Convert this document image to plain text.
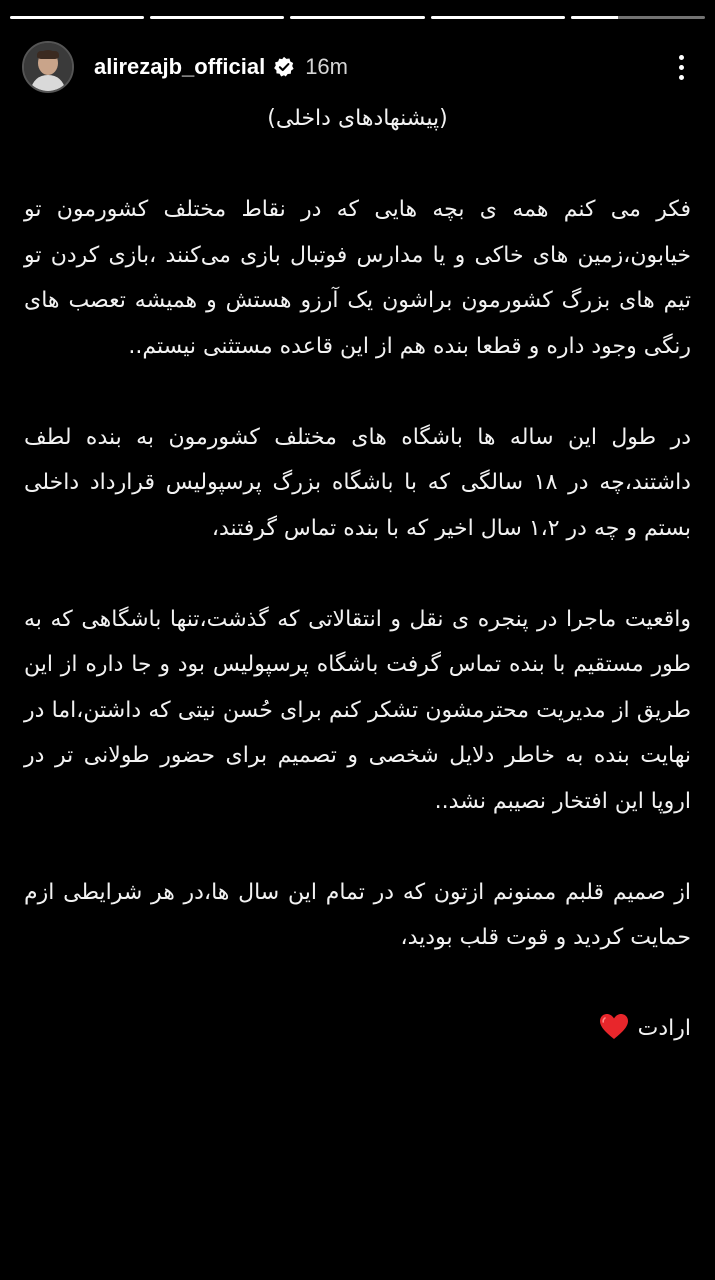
alirezajb_official 16m

(پیشنهادهای داخلی)

فکر می کنم همه ی بچه هایی که در نقاط مختلف کشورمون تو خیابون،زمین های خاکی و یا مدارس فوتبال بازی می‌کنند ،بازی کردن تو تیم های بزرگ کشورمون براشون یک آرزو هستش و همیشه تعصب های رنگی وجود داره و قطعا بنده هم از این قاعده مستثنی نیستم..

در طول این ساله ها باشگاه های مختلف کشورمون به بنده لطف داشتند،چه در ۱۸ سالگی که با باشگاه بزرگ پرسپولیس قرارداد داخلی بستم و چه در ۱،۲ سال اخیر که با بنده تماس گرفتند،

واقعیت ماجرا در پنجره ی نقل و انتقالاتی که گذشت،تنها باشگاهی که به طور مستقیم با بنده تماس گرفت باشگاه پرسپولیس بود و جا داره از این طریق از مدیریت محترمشون تشکر کنم برای حُسن نیتی که داشتن،اما در نهایت بنده به خاطر دلایل شخصی و تصمیم برای حضور طولانی تر در اروپا این افتخار نصیبم نشد..

از صمیم قلبم ممنونم ازتون که در تمام این سال ها،در هر شرایطی ازم حمایت کردید و قوت قلب بودید،

ارادت
